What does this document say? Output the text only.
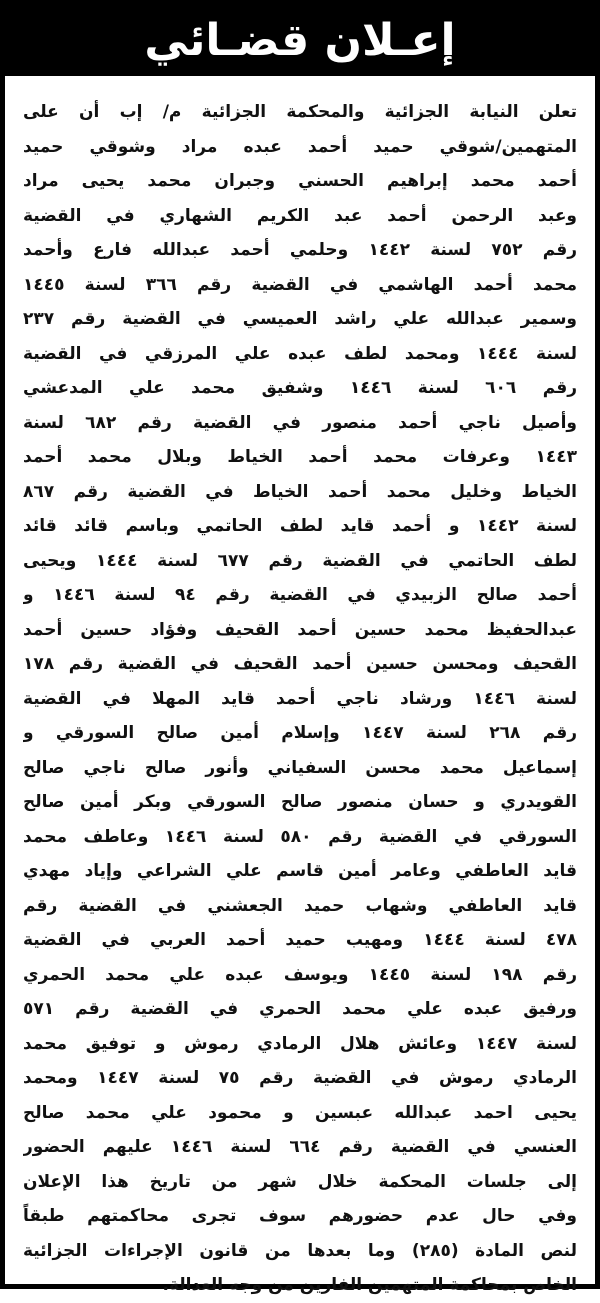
إعـلان قضـائي
تعلن النيابة الجزائية والمحكمة الجزائية م/ إب أن على
المتهمين/شوقي حميد أحمد عبده مراد وشوقي حميد
أحمد محمد إبراهيم الحسني وجبران محمد يحيى مراد
وعبد الرحمن أحمد عبد الكريم الشهاري في القضية
رقم ٧٥٢ لسنة ١٤٤٢ وحلمي أحمد عبدالله فارع وأحمد
محمد أحمد الهاشمي في القضية رقم ٣٦٦ لسنة ١٤٤٥
وسمير عبدالله علي راشد العميسي في القضية رقم ٢٣٧
لسنة ١٤٤٤ ومحمد لطف عبده علي المرزقي في القضية
رقم ٦٠٦ لسنة ١٤٤٦ وشفيق محمد علي المدعشي
وأصيل ناجي أحمد منصور في القضية رقم ٦٨٢ لسنة
١٤٤٣ وعرفات محمد أحمد الخياط وبلال محمد أحمد
الخياط وخليل محمد أحمد الخياط في القضية رقم ٨٦٧
لسنة ١٤٤٢ و أحمد قايد لطف الحاتمي وباسم قائد قائد
لطف الحاتمي في القضية رقم ٦٧٧ لسنة ١٤٤٤ ويحيى
أحمد صالح الزبيدي في القضية رقم ٩٤ لسنة ١٤٤٦ و
عبدالحفيظ محمد حسين أحمد القحيف وفؤاد حسين أحمد
القحيف ومحسن حسين أحمد القحيف في القضية رقم ١٧٨
لسنة ١٤٤٦ ورشاد ناجي أحمد قايد المهلا في القضية
رقم ٢٦٨ لسنة ١٤٤٧ وإسلام أمين صالح السورقي و
إسماعيل محمد محسن السفياني وأنور صالح ناجي صالح
القويدري و حسان منصور صالح السورقي وبكر أمين صالح
السورقي في القضية رقم ٥٨٠ لسنة ١٤٤٦ وعاطف محمد
قايد العاطفي وعامر أمين قاسم علي الشراعي وإياد مهدي
قايد العاطفي وشهاب حميد الجعشني في القضية رقم
٤٧٨ لسنة ١٤٤٤ ومهيب حميد أحمد العربي في القضية
رقم ١٩٨ لسنة ١٤٤٥ ويوسف عبده علي محمد الحمري
ورفيق عبده علي محمد الحمري في القضية رقم ٥٧١
لسنة ١٤٤٧ وعائش هلال الرمادي رموش و توفيق محمد
الرمادي رموش في القضية رقم ٧٥ لسنة ١٤٤٧ ومحمد
يحيى احمد عبدالله عبسين و محمود علي محمد صالح
العنسي في القضية رقم ٦٦٤ لسنة ١٤٤٦ عليهم الحضور
إلى جلسات المحكمة خلال شهر من تاريخ هذا الإعلان
وفي حال عدم حضورهم سوف تجرى محاكمتهم طبقاً
لنص المادة (٢٨٥) وما بعدها من قانون الإجراءات الجزائية
الخاص بمحاكمة المتهمين الفارين من وجه العدالة.
